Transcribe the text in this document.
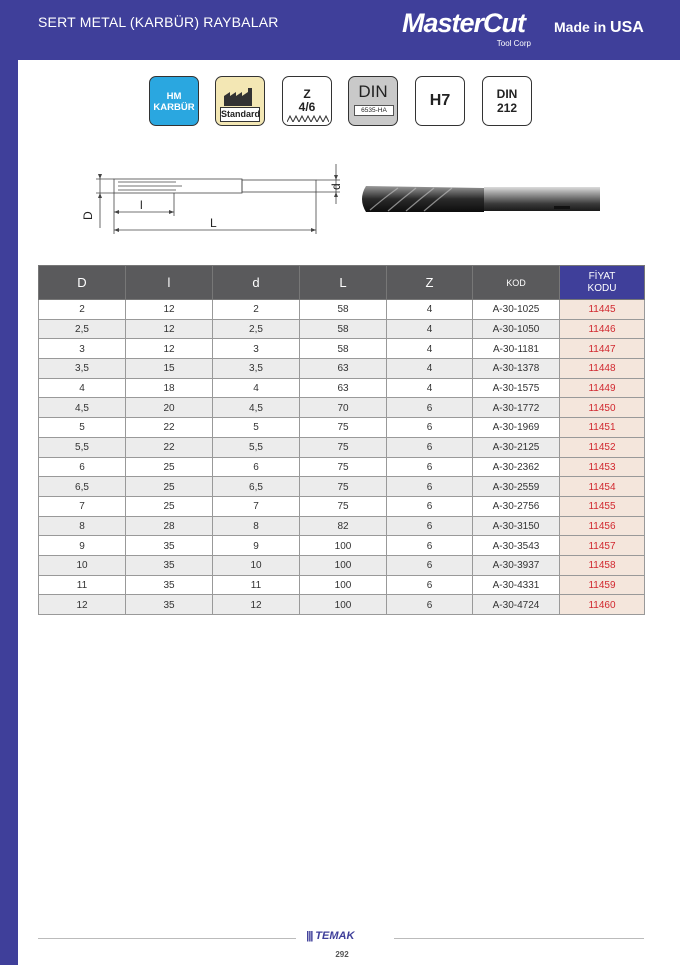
SERT METAL (KARBÜR) RAYBALAR	MasterCut
Tool Corp
Made in USA
HM
KARBÜR
Standard
Z
4/6
DIN
6535-HA
H7	DIN
212
l
L
D
d
D	l	d	L	Z	KOD	FİYAT
KODU

2	12	2	58	4	A-30-1025	11445
2,5	12	2,5	58	4	A-30-1050	11446
3	12	3	58	4	A-30-1181	11447
3,5	15	3,5	63	4	A-30-1378	11448
4	18	4	63	4	A-30-1575	11449
4,5	20	4,5	70	6	A-30-1772	11450
5	22	5	75	6	A-30-1969	11451
5,5	22	5,5	75	6	A-30-2125	11452
6	25	6	75	6	A-30-2362	11453
6,5	25	6,5	75	6	A-30-2559	11454
7	25	7	75	6	A-30-2756	11455
8	28	8	82	6	A-30-3150	11456
9	35	9	100	6	A-30-3543	11457
10	35	10	100	6	A-30-3937	11458
11	35	11	100	6	A-30-4331	11459
12	35	12	100	6	A-30-4724	11460
||| TEMAK
292
